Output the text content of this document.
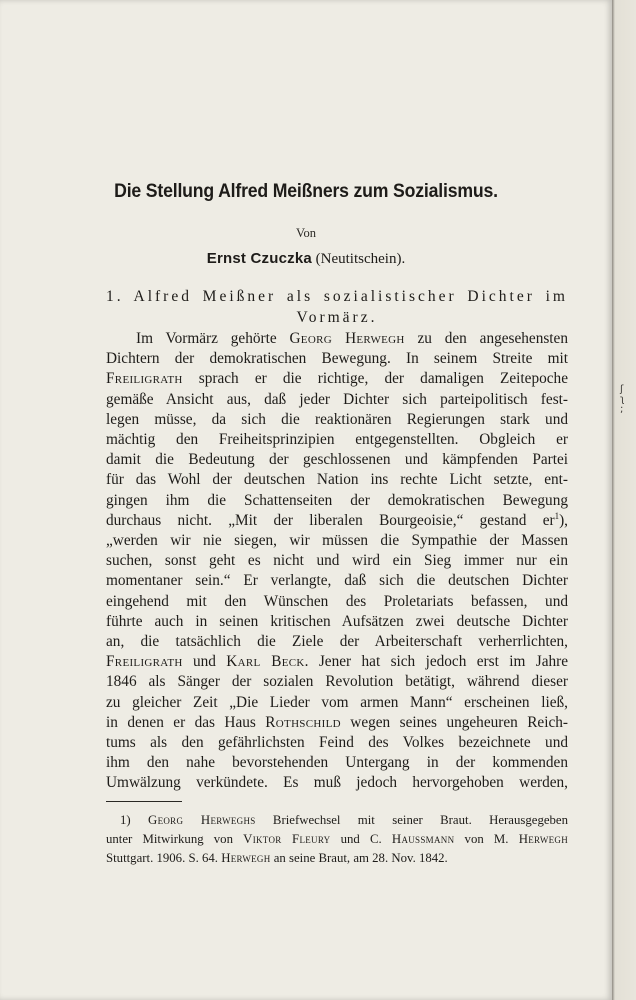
Die Stellung Alfred Meißners zum Sozialismus.
Von
Ernst Czuczka (Neutitschein).
1. Alfred Meißner als sozialistischer Dichter im
Vormärz.
Im Vormärz gehörte Georg Herwegh zu den angesehensten
Dichtern der demokratischen Bewegung. In seinem Streite mit
Freiligrath sprach er die richtige, der damaligen Zeitepoche
gemäße Ansicht aus, daß jeder Dichter sich parteipolitisch fest-
legen müsse, da sich die reaktionären Regierungen stark und
mächtig den Freiheitsprinzipien entgegenstellten. Obgleich er
damit die Bedeutung der geschlossenen und kämpfenden Partei
für das Wohl der deutschen Nation ins rechte Licht setzte, ent-
gingen ihm die Schattenseiten der demokratischen Bewegung
durchaus nicht. „Mit der liberalen Bourgeoisie,“ gestand $er^1$),
„werden wir nie siegen, wir müssen die Sympathie der Massen
suchen, sonst geht es nicht und wird ein Sieg immer nur ein
momentaner sein.“ Er verlangte, daß sich die deutschen Dichter
eingehend mit den Wünschen des Proletariats befassen, und
führte auch in seinen kritischen Aufsätzen zwei deutsche Dichter
an, die tatsächlich die Ziele der Arbeiterschaft verherrlichten,
Freiligrath und Karl Beck. Jener hat sich jedoch erst im Jahre
1846 als Sänger der sozialen Revolution betätigt, während dieser
zu gleicher Zeit „Die Lieder vom armen Mann“ erscheinen ließ,
in denen er das Haus Rothschild wegen seines ungeheuren Reich-
tums als den gefährlichsten Feind des Volkes bezeichnete und
ihm den nahe bevorstehenden Untergang in der kommenden
Umwälzung verkündete. Es muß jedoch hervorgehoben werden,
1) Georg Herweghs Briefwechsel mit seiner Braut. Herausgegeben
unter Mitwirkung von Viktor Fleury und C. Haussmann von M. Herwegh
Stuttgart. 1906. S. 64. Herwegh an seine Braut, am 28. Nov. 1842.
ʃ
ʅ
;
